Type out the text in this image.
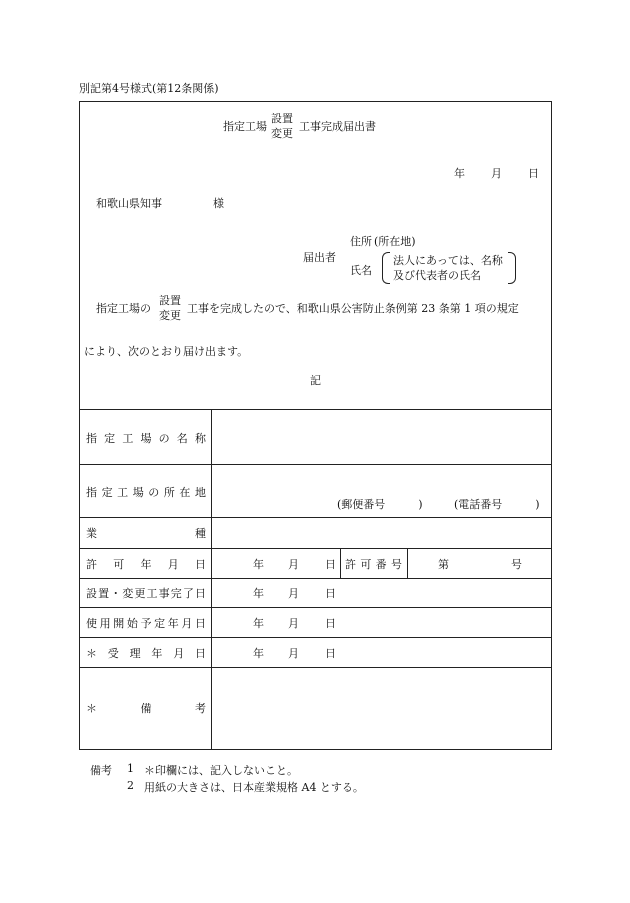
別記第4号様式(第12条関係)
指定工場
設置
変更
工事完成届出書
年 月 日
和歌山県知事	様
届出者
住所 (所在地)
氏名
法人にあっては、名称
及び代表者の氏名
指定工場の
設置
変更
工事を完成したので、和歌山県公害防止条例第 23 条第 1 項の規定
により、次のとおり届け出ます。
記
指 定 工 場 の 名 称
指 定 工 場 の 所 在 地
(郵便番号　　　)	(電話番号　　　)
業	種
許 可 年 月 日	年 月 日 許 可 番 号	第	号
設 置 ・ 変 更 工 事 完 了 日	年 月 日
使 用 開 始 予 定 年 月 日	年 月 日
＊ 受 理 年 月 日	年 月 日
＊	備	考
備考 1 ＊印欄には、記入しないこと。
2 用紙の大きさは、日本産業規格 A4 とする。
